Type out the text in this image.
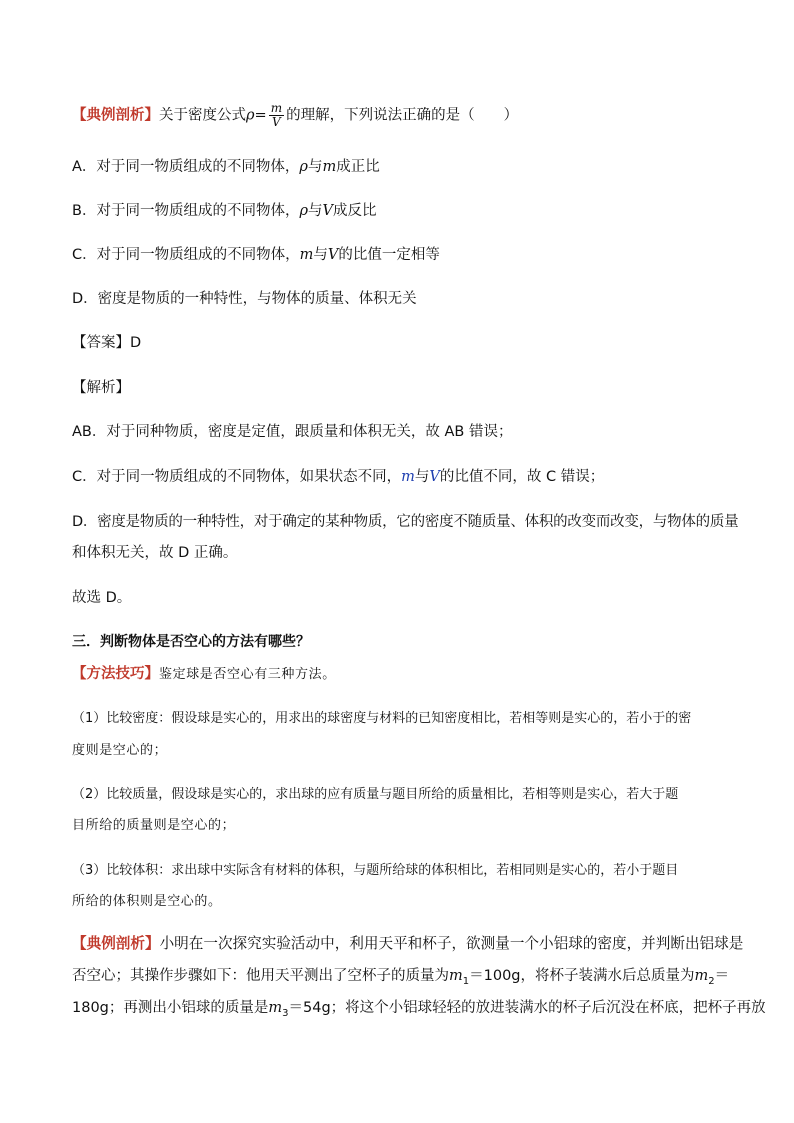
【典例剖析】关于密度公式$\rho= \frac{m}{V}$ 的理解，下列说法正确的是（　　）
A．对于同一物质组成的不同物体，ρ与m成正比
B．对于同一物质组成的不同物体，ρ与V成反比
C．对于同一物质组成的不同物体，m与V的比值一定相等
D．密度是物质的一种特性，与物体的质量、体积无关
【答案】D
【解析】
AB．对于同种物质，密度是定值，跟质量和体积无关，故 AB 错误；
C．对于同一物质组成的不同物体，如果状态不同，m与V的比值不同，故 C 错误；
D．密度是物质的一种特性，对于确定的某种物质，它的密度不随质量、体积的改变而改变，与物体的质量
和体积无关，故 D 正确。
故选 D。
三．判断物体是否空心的方法有哪些？
【方法技巧】鉴定球是否空心有三种方法。
（1）比较密度：假设球是实心的，用求出的球密度与材料的已知密度相比，若相等则是实心的，若小于的密
度则是空心的；
（2）比较质量，假设球是实心的，求出球的应有质量与题目所给的质量相比，若相等则是实心，若大于题
目所给的质量则是空心的；
（3）比较体积：求出球中实际含有材料的体积，与题所给球的体积相比，若相同则是实心的，若小于题目
所给的体积则是空心的。
【典例剖析】小明在一次探究实验活动中，利用天平和杯子，欲测量一个小铝球的密度，并判断出铝球是
否空心；其操作步骤如下：他用天平测出了空杯子的质量为$m_1=100g$，将杯子装满水后总质量为$m_2=$
180g；再测出小铝球的质量是$m_3=54g$；将这个小铝球轻轻的放进装满水的杯子后沉没在杯底，把杯子再放
